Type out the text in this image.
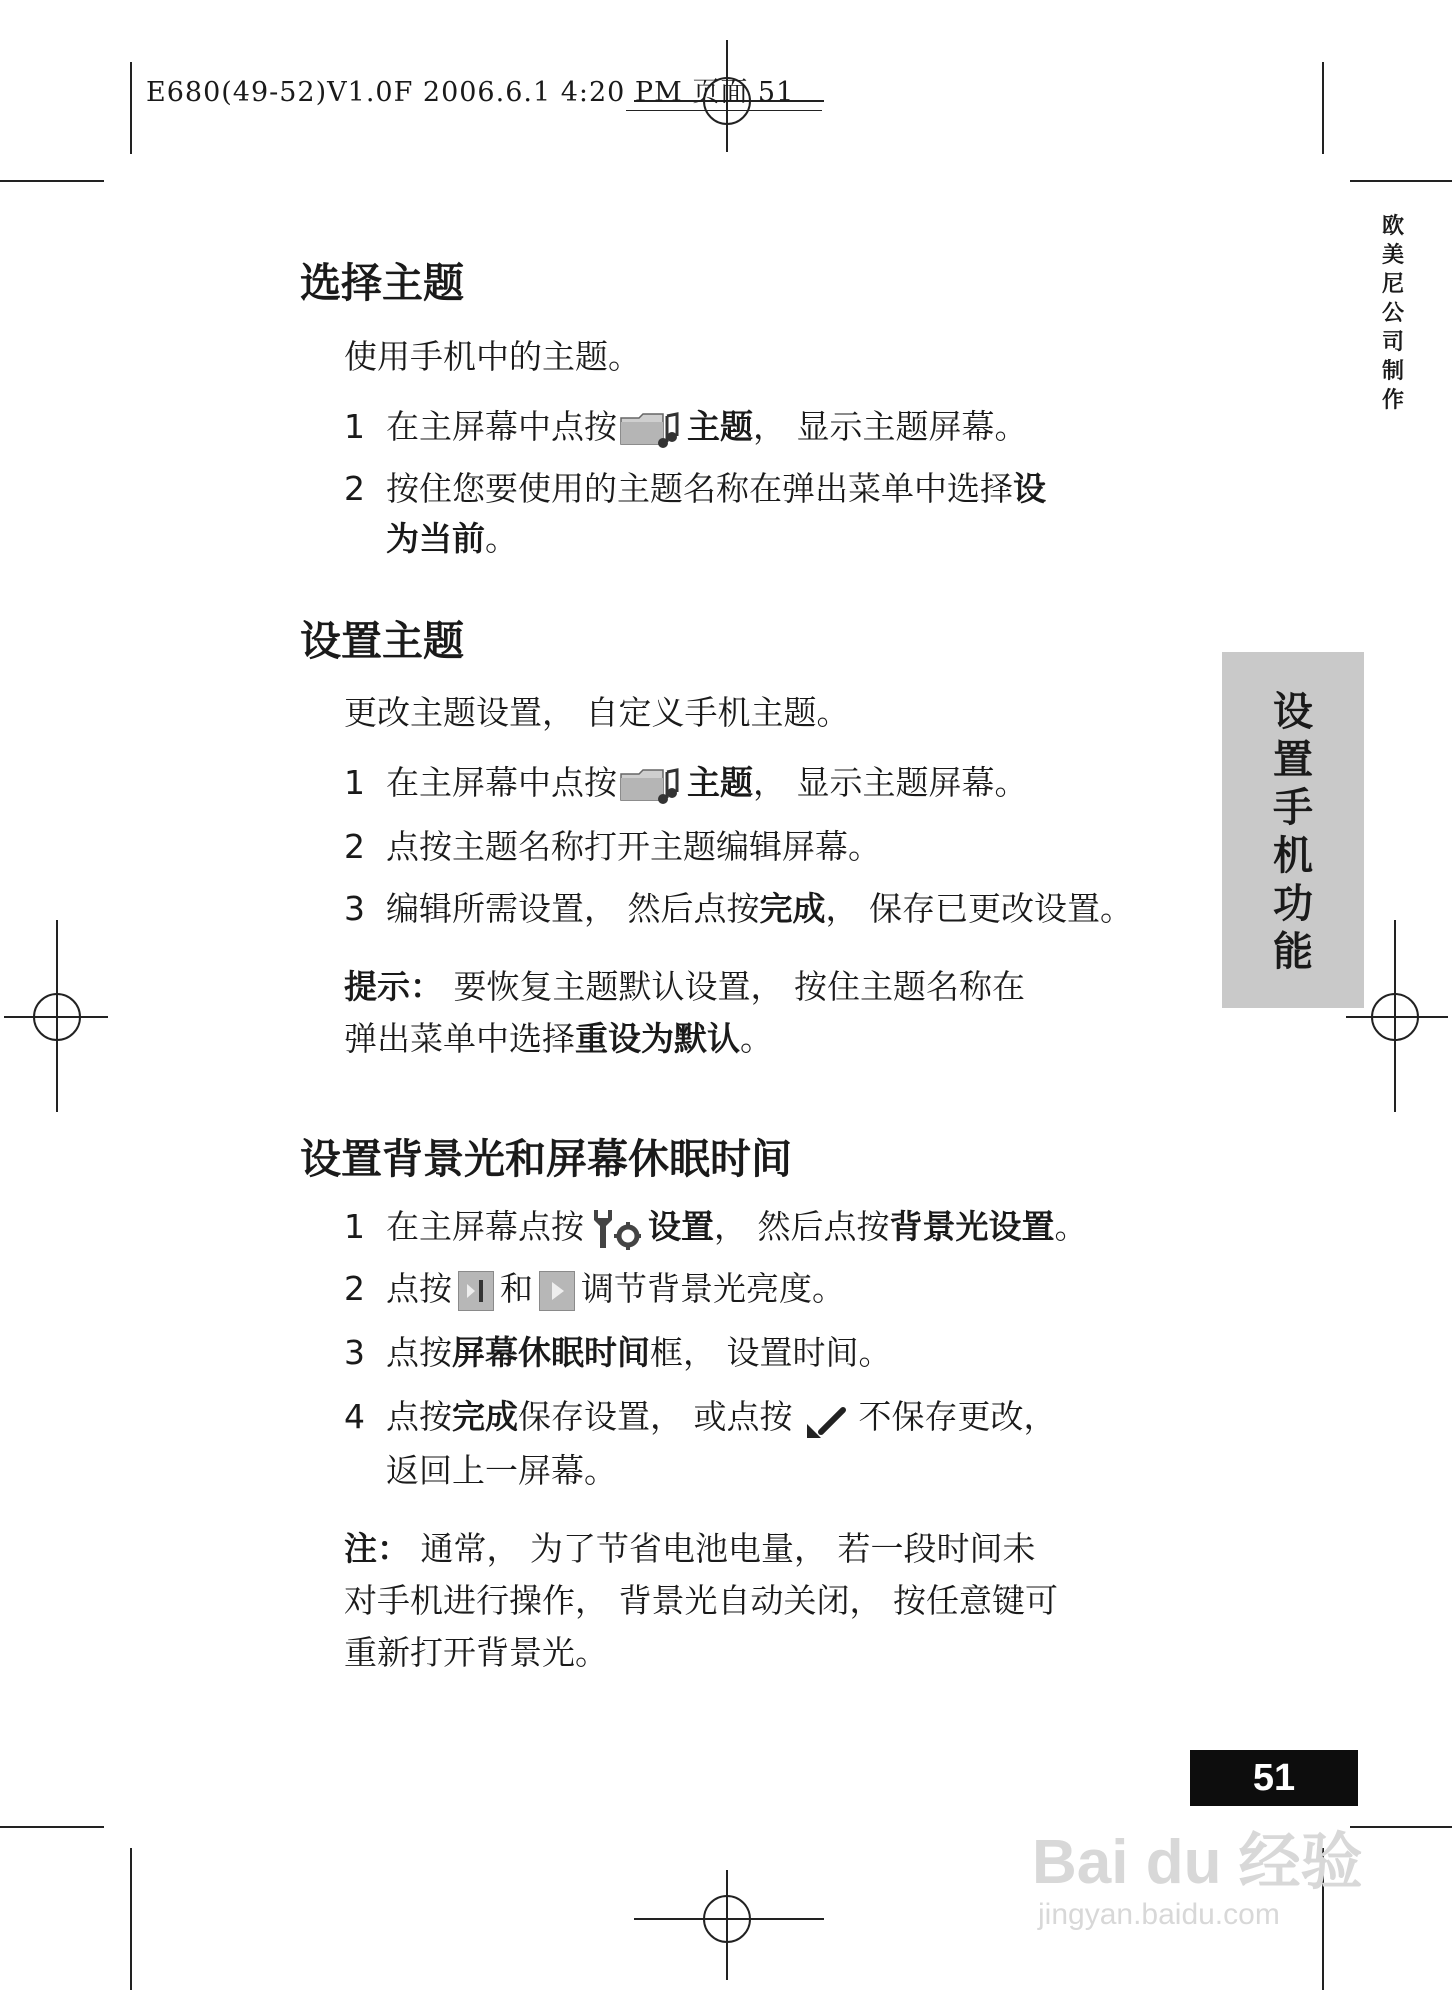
E680(49-52)V1.0F 2006.6.1 4:20 PM 页面 51
欧
美
尼
公
司
制
作
设
置
手
机
功
能
选择主题
使用手机中的主题。
1 在主屏幕中点按 主题， 显示主题屏幕。
2 按住您要使用的主题名称在弹出菜单中选择设
为当前。
设置主题
更改主题设置， 自定义手机主题。
1 在主屏幕中点按 主题， 显示主题屏幕。
2 点按主题名称打开主题编辑屏幕。
3 编辑所需设置， 然后点按完成， 保存已更改设置。
提示： 要恢复主题默认设置， 按住主题名称在
弹出菜单中选择重设为默认。
设置背景光和屏幕休眠时间
1 在主屏幕点按 设置， 然后点按背景光设置。
2 点按 和 调节背景光亮度。
3 点按屏幕休眠时间框， 设置时间。
4 点按完成保存设置， 或点按 不保存更改，
返回上一屏幕。
注： 通常， 为了节省电池电量， 若一段时间未
对手机进行操作， 背景光自动关闭， 按任意键可
重新打开背景光。
51
Bai du 经验
jingyan.baidu.com
